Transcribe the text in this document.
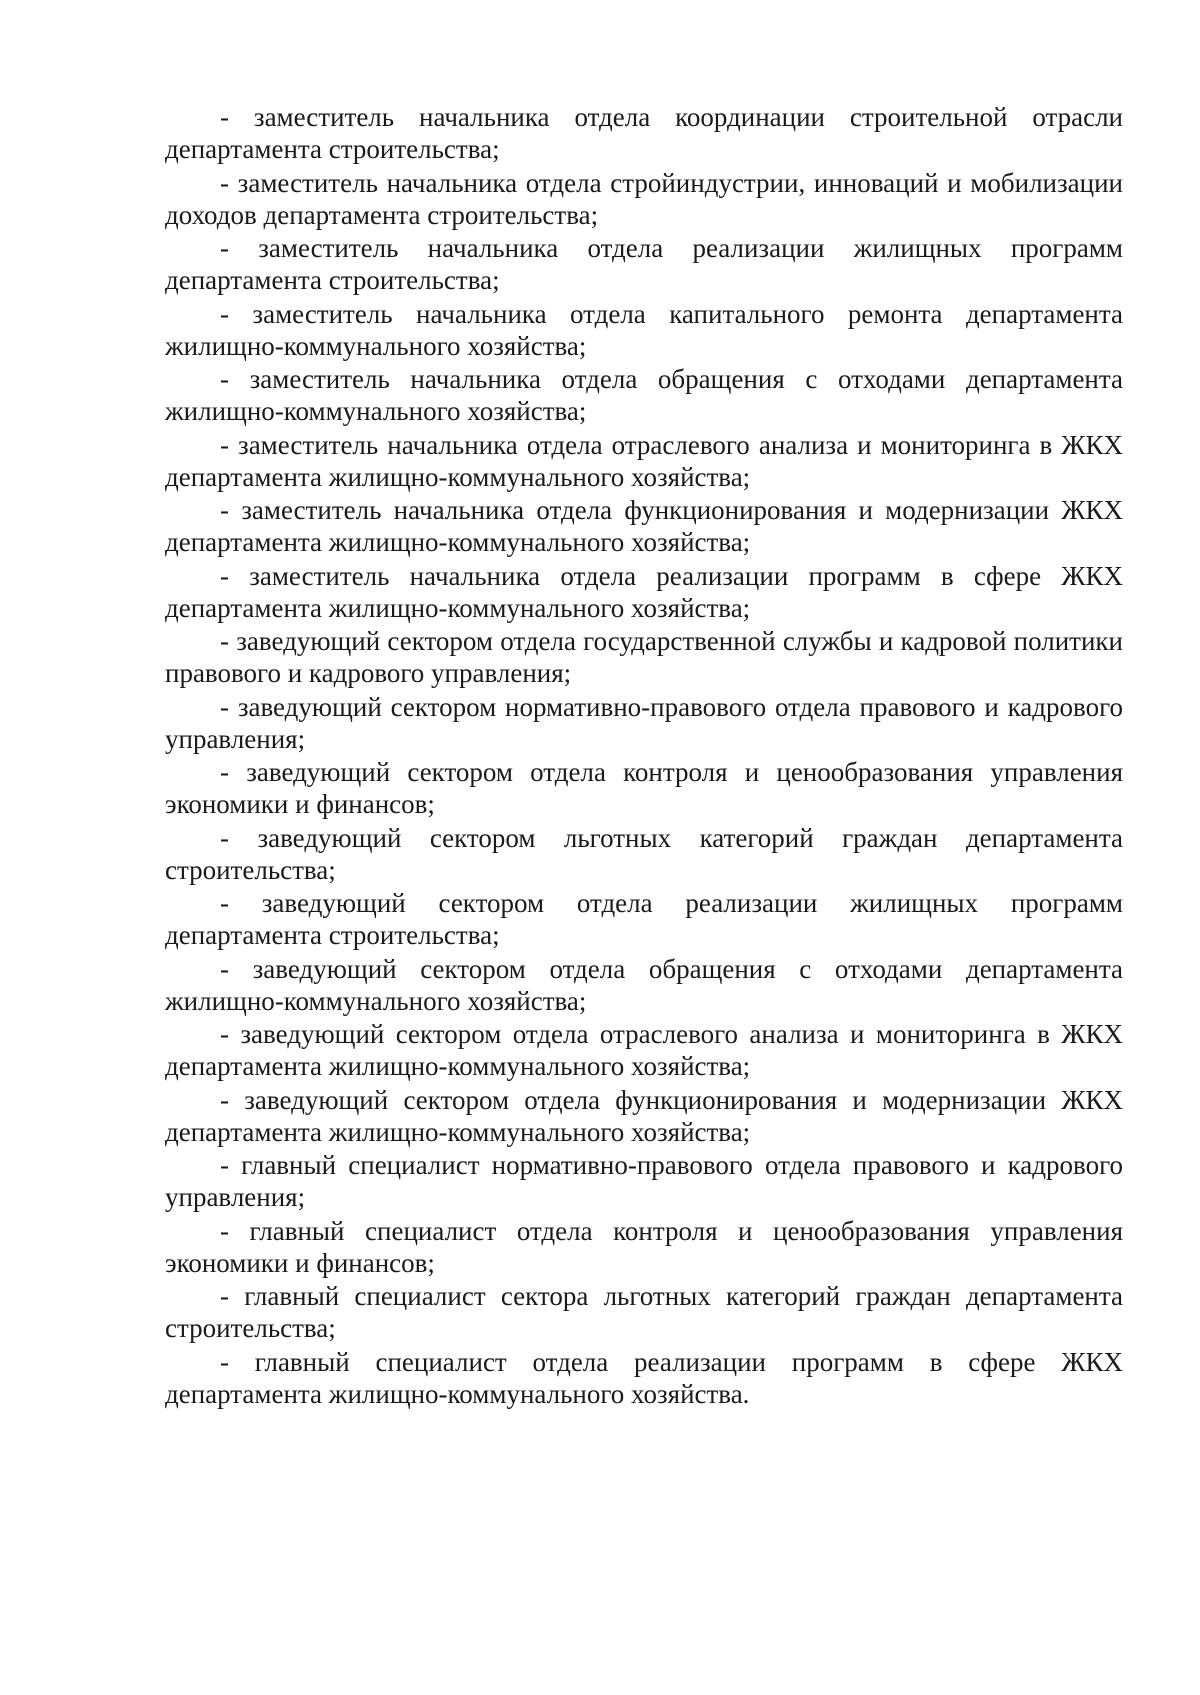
- заместитель начальника отдела координации строительной отрасли департамента строительства;

- заместитель начальника отдела стройиндустрии, инноваций и мобилизации доходов департамента строительства;

- заместитель начальника отдела реализации жилищных программ департамента строительства;

- заместитель начальника отдела капитального ремонта департамента жилищно-коммунального хозяйства;

- заместитель начальника отдела обращения с отходами департамента жилищно-коммунального хозяйства;

- заместитель начальника отдела отраслевого анализа и мониторинга в ЖКХ департамента жилищно-коммунального хозяйства;

- заместитель начальника отдела функционирования и модернизации ЖКХ департамента жилищно-коммунального хозяйства;

- заместитель начальника отдела реализации программ в сфере ЖКХ департамента жилищно-коммунального хозяйства;

- заведующий сектором отдела государственной службы и кадровой политики правового и кадрового управления;

- заведующий сектором нормативно-правового отдела правового и кадрового управления;

- заведующий сектором отдела контроля и ценообразования управления экономики и финансов;

- заведующий сектором льготных категорий граждан департамента строительства;

- заведующий сектором отдела реализации жилищных программ департамента строительства;

- заведующий сектором отдела обращения с отходами департамента жилищно-коммунального хозяйства;

- заведующий сектором отдела отраслевого анализа и мониторинга в ЖКХ департамента жилищно-коммунального хозяйства;

- заведующий сектором отдела функционирования и модернизации ЖКХ департамента жилищно-коммунального хозяйства;

- главный специалист нормативно-правового отдела правового и кадрового управления;

- главный специалист отдела контроля и ценообразования управления экономики и финансов;

- главный специалист сектора льготных категорий граждан департамента строительства;

- главный специалист отдела реализации программ в сфере ЖКХ департамента жилищно-коммунального хозяйства.
